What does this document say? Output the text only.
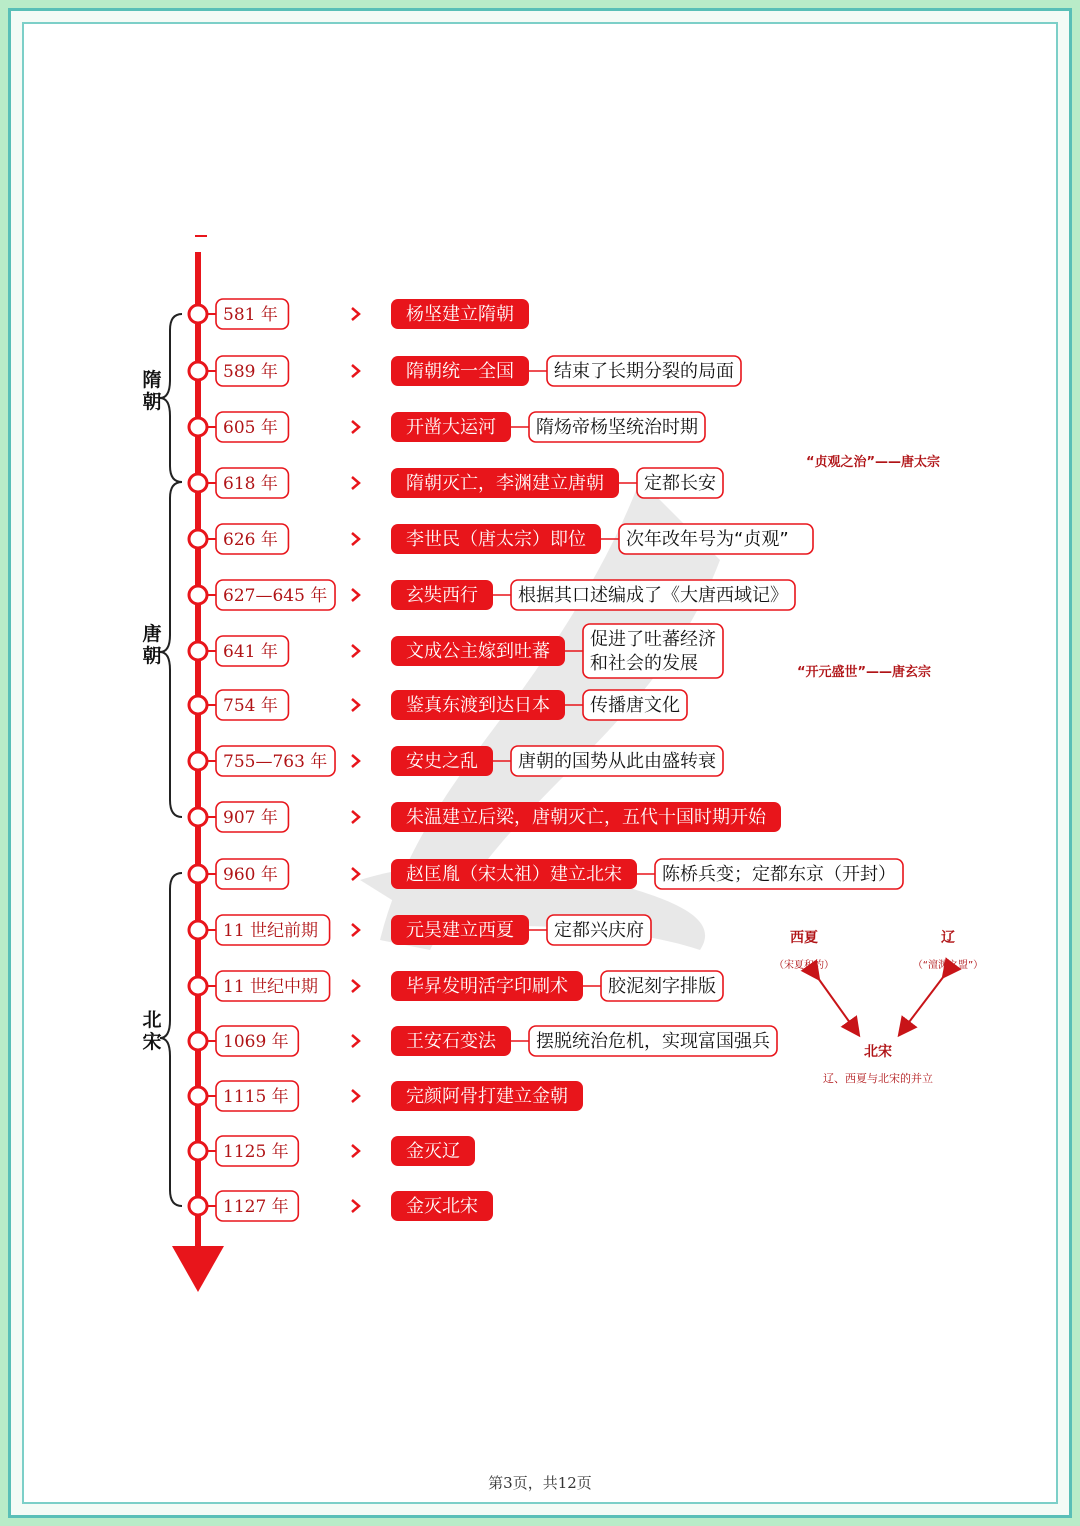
隋朝
唐朝
北宋
581 年	杨坚建立隋朝
589 年	隋朝统一全国 结束了长期分裂的局面
605 年	开凿大运河 隋炀帝杨坚统治时期
618 年	隋朝灭亡，李渊建立唐朝 定都长安
626 年	李世民（唐太宗）即位 次年改年号为“贞观”
627—645 年	玄奘西行 根据其口述编成了《大唐西域记》
641 年	文成公主嫁到吐蕃
促进了吐蕃经济和社会的发展
754 年	鉴真东渡到达日本 传播唐文化
755—763 年	安史之乱 唐朝的国势从此由盛转衰
907 年	朱温建立后梁，唐朝灭亡，五代十国时期开始
960 年	赵匡胤（宋太祖）建立北宋 陈桥兵变；定都东京（开封）
11 世纪前期	元昊建立西夏 定都兴庆府
11 世纪中期	毕昇发明活字印刷术 胶泥刻字排版
1069 年	王安石变法 摆脱统治危机，实现富国强兵
1115 年	完颜阿骨打建立金朝
1125 年	金灭辽
1127 年	金灭北宋
“贞观之治”——唐太宗
“开元盛世”——唐玄宗
西夏	辽
（宋夏和约）	（“澶渊之盟”）
北宋
辽、西夏与北宋的并立
第3页，共12页
